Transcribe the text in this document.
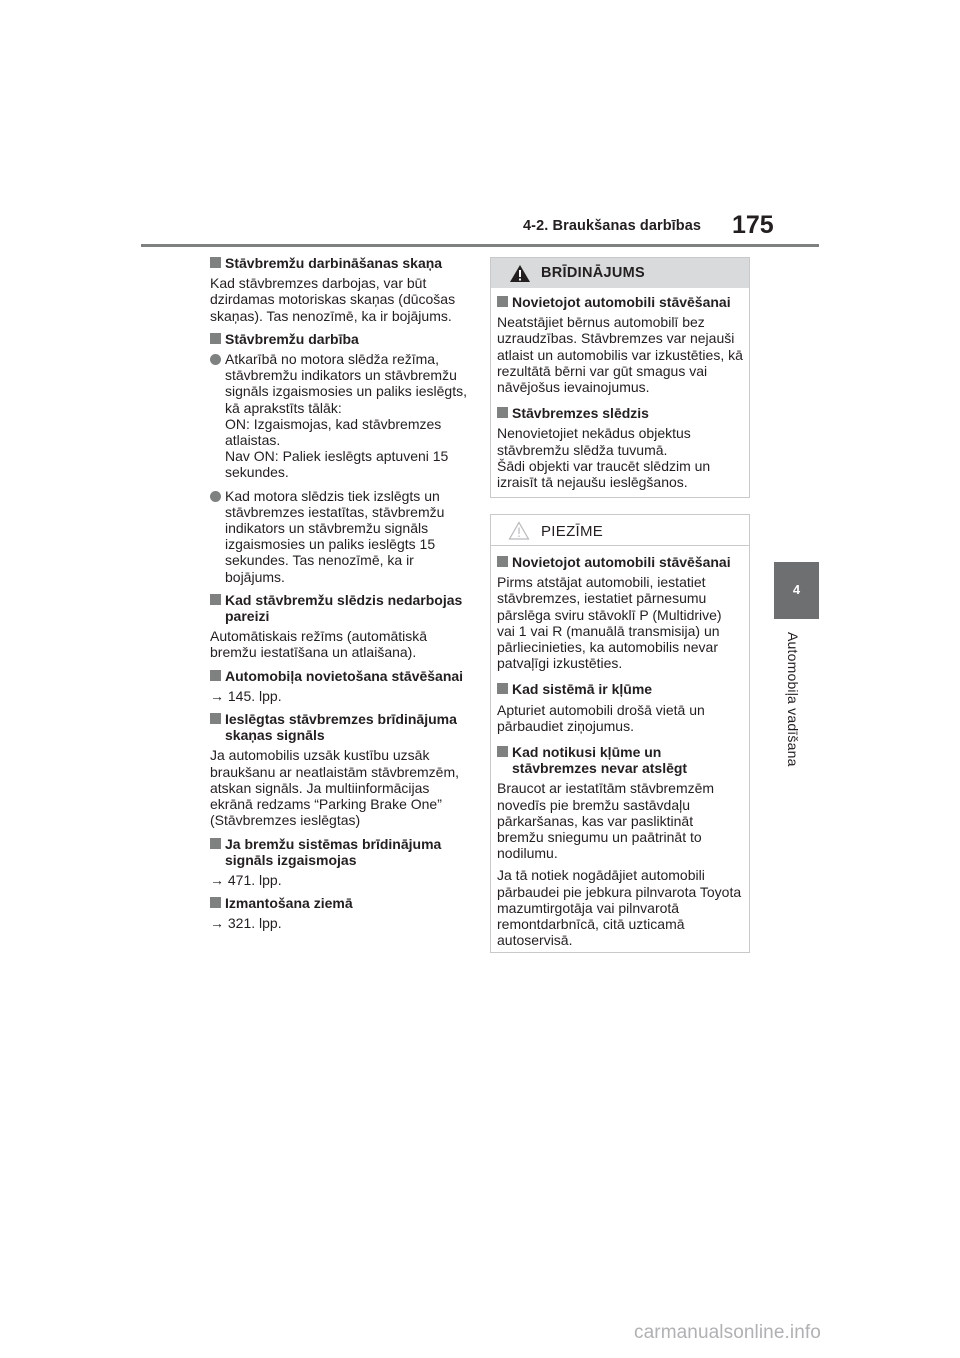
4-2. Braukšanas darbības 175
4
Automobiļa vadīšana
Stāvbremžu darbināšanas skaņa

Kad stāvbremzes darbojas, var būt dzirdamas motoriskas skaņas (dūcošas skaņas). Tas nenozīmē, ka ir bojājums.

Stāvbremžu darbība
Atkarībā no motora slēdža režīma, stāvbremžu indikators un stāvbremžu signāls izgaismosies un paliks ieslēgts, kā aprakstīts tālāk:
ON: Izgaismojas, kad stāvbremzes atlaistas.
Nav ON: Paliek ieslēgts aptuveni 15 sekundes.
Kad motora slēdzis tiek izslēgts un stāvbremzes iestatītas, stāvbremžu indikators un stāvbremžu signāls izgaismosies un paliks ieslēgts 15 sekundes. Tas nenozīmē, ka ir bojājums.
Kad stāvbremžu slēdzis nedarbojas pareizi

Automātiskais režīms (automātiskā bremžu iestatīšana un atlaišana).

Automobiļa novietošana stāvēšanai

→ 145. lpp.

Ieslēgtas stāvbremzes brīdinājuma skaņas signāls

Ja automobilis uzsāk kustību uzsāk braukšanu ar neatlaistām stāvbremzēm, atskan signāls. Ja multiinformācijas ekrānā redzams “Parking Brake One” (Stāvbremzes ieslēgtas)

Ja bremžu sistēmas brīdinājuma signāls izgaismojas

→ 471. lpp.

Izmantošana ziemā

→ 321. lpp.

BRĪDINĀJUMS
Novietojot automobili stāvēšanai

Neatstājiet bērnus automobilī bez uzraudzības. Stāvbremzes var nejauši atlaist un automobilis var izkustēties, kā rezultātā bērni var gūt smagus vai nāvējošus ievainojumus.

Stāvbremzes slēdzis

Nenovietojiet nekādus objektus stāvbremžu slēdža tuvumā.
Šādi objekti var traucēt slēdzim un izraisīt tā nejaušu ieslēgšanos.

PIEZĪME
Novietojot automobili stāvēšanai

Pirms atstājat automobili, iestatiet stāvbremzes, iestatiet pārnesumu pārslēga sviru stāvoklī P (Multidrive) vai 1 vai R (manuālā transmisija) un pārliecinieties, ka automobilis nevar patvaļīgi izkustēties.

Kad sistēmā ir kļūme

Apturiet automobili drošā vietā un pārbaudiet ziņojumus.

Kad notikusi kļūme un stāvbremzes nevar atslēgt

Braucot ar iestatītām stāvbremzēm novedīs pie bremžu sastāvdaļu pārkaršanas, kas var pasliktināt bremžu sniegumu un paātrināt to nodilumu.

Ja tā notiek nogādājiet automobili pārbaudei pie jebkura pilnvarota Toyota mazumtirgotāja vai pilnvarotā remontdarbnīcā, citā uzticamā autoservisā.

carmanualsonline.info
